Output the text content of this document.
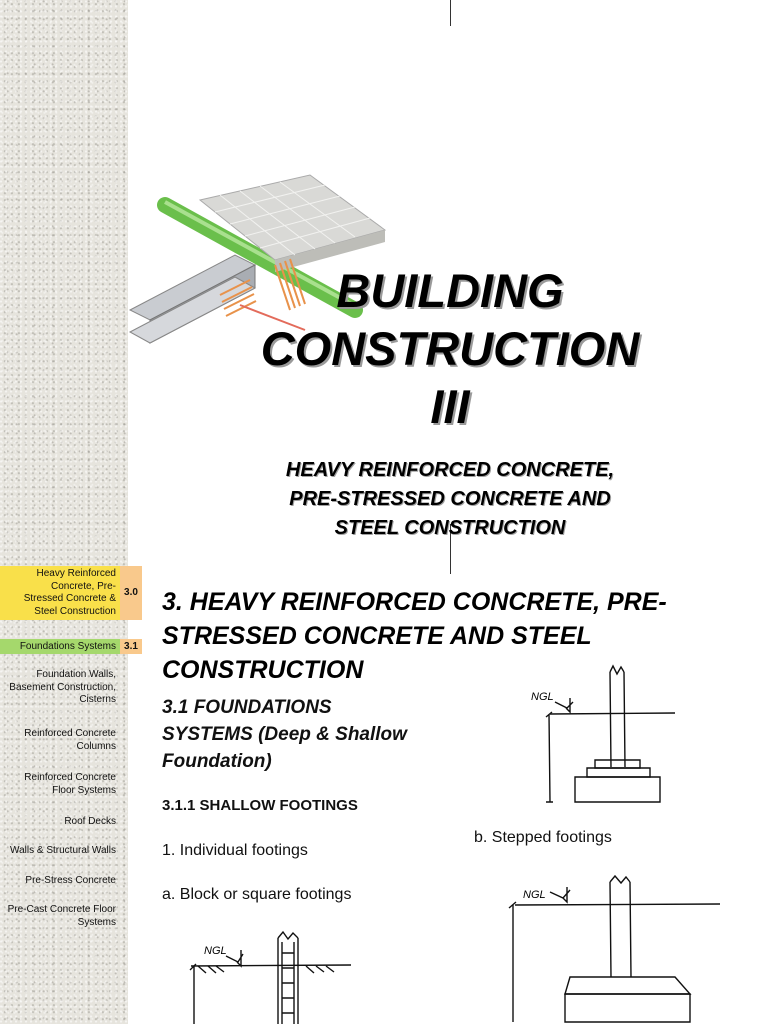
BUILDING
CONSTRUCTION
III
HEAVY REINFORCED CONCRETE,
PRE-STRESSED CONCRETE AND
STEEL CONSTRUCTION
Heavy Reinforced Concrete, Pre-Stressed Concrete & Steel Construction
3.0
Foundations Systems 3.1
Foundation Walls, Basement Construction, Cisterns
Reinforced Concrete Columns
Reinforced Concrete Floor Systems
Roof Decks
Walls & Structural Walls
Pre-Stress Concrete
Pre-Cast Concrete Floor Systems
3. HEAVY REINFORCED CONCRETE, PRE-STRESSED CONCRETE AND STEEL CONSTRUCTION
3.1 FOUNDATIONS SYSTEMS (Deep & Shallow Foundation)
3.1.1 SHALLOW FOOTINGS
1. Individual footings
a. Block or square footings
b. Stepped footings
NGL
NGL
NGL
